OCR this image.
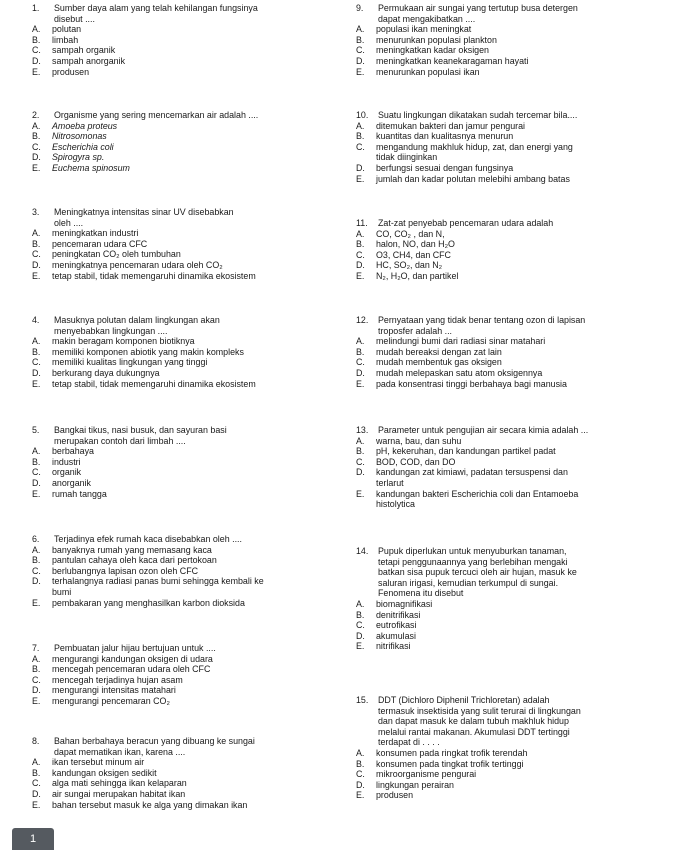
1. Sumber daya alam yang telah kehilangan fungsinya
disebut ....
A. polutan
B. limbah
C. sampah organik
D. sampah anorganik
E. produsen
2. Organisme yang sering mencemarkan air adalah ....
A. Amoeba proteus
B. Nitrosomonas
C. Escherichia coli
D. Spirogyra sp.
E. Euchema spinosum
3. Meningkatnya intensitas sinar UV disebabkan
oleh ....
A. meningkatkan industri
B. pencemaran udara CFC
C. peningkatan CO₂ oleh tumbuhan
D. meningkatnya pencemaran udara oleh CO₂
E. tetap stabil, tidak memengaruhi dinamika ekosistem
4. Masuknya polutan dalam lingkungan akan
menyebabkan lingkungan ....
A. makin beragam komponen biotiknya
B. memiliki komponen abiotik yang makin kompleks
C. memiliki kualitas lingkungan yang tinggi
D. berkurang daya dukungnya
E. tetap stabil, tidak memengaruhi dinamika ekosistem
5. Bangkai tikus, nasi busuk, dan sayuran basi
merupakan contoh dari limbah ....
A. berbahaya
B. industri
C. organik
D. anorganik
E. rumah tangga
6. Terjadinya efek rumah kaca disebabkan oleh ....
A. banyaknya rumah yang memasang kaca
B. pantulan cahaya oleh kaca dari pertokoan
C. berlubangnya lapisan ozon oleh CFC
D. terhalangnya radiasi panas bumi sehingga kembali ke
bumi
E. pembakaran yang menghasilkan karbon dioksida
7. Pembuatan jalur hijau bertujuan untuk ....
A. mengurangi kandungan oksigen di udara
B. mencegah pencemaran udara oleh CFC
C. mencegah terjadinya hujan asam
D. mengurangi intensitas matahari
E. mengurangi pencemaran CO₂
8. Bahan berbahaya beracun yang dibuang ke sungai
dapat mematikan ikan, karena ....
A. ikan tersebut minum air
B. kandungan oksigen sedikit
C. alga mati sehingga ikan kelaparan
D. air sungai merupakan habitat ikan
E. bahan tersebut masuk ke alga yang dimakan ikan
9. Permukaan air sungai yang tertutup busa detergen
dapat mengakibatkan ....
A. populasi ikan meningkat
B. menurunkan populasi plankton
C. meningkatkan kadar oksigen
D. meningkatkan keanekaragaman hayati
E. menurunkan populasi ikan
10. Suatu lingkungan dikatakan sudah tercemar bila....
A. ditemukan bakteri dan jamur pengurai
B. kuantitas dan kualitasnya menurun
C. mengandung makhluk hidup, zat, dan energi yang
tidak diinginkan
D. berfungsi sesuai dengan fungsinya
E. jumlah dan kadar polutan melebihi ambang batas
11. Zat-zat penyebab pencemaran udara adalah
A. CO, CO₂ , dan N,
B. halon, NO, dan H₂O
C. O3, CH4, dan CFC
D. HC, SO₂, dan N₂
E. N₂, H₂O, dan partikel
12. Pernyataan yang tidak benar tentang ozon di lapisan
troposfer adalah ...
A. melindungi bumi dari radiasi sinar matahari
B. mudah bereaksi dengan zat lain
C. mudah membentuk gas oksigen
D. mudah melepaskan satu atom oksigennya
E. pada konsentrasi tinggi berbahaya bagi manusia
13. Parameter untuk pengujian air secara kimia adalah ...
A. warna, bau, dan suhu
B. pH, kekeruhan, dan kandungan partikel padat
C. BOD, COD, dan DO
D. kandungan zat kimiawi, padatan tersuspensi dan
terlarut
E. kandungan bakteri Escherichia coli dan Entamoeba
histolytica
14. Pupuk diperlukan untuk menyuburkan tanaman,
tetapi penggunaannya yang berlebihan mengaki
batkan sisa pupuk tercuci oleh air hujan, masuk ke
saluran irigasi, kemudian terkumpul di sungai.
Fenomena itu disebut
A. biomagnifikasi
B. denitrifikasi
C. eutrofikasi
D. akumulasi
E. nitrifikasi
15. DDT (Dichloro Diphenil Trichloretan) adalah
termasuk insektisida yang sulit terurai di lingkungan
dan dapat masuk ke dalam tubuh makhluk hidup
melalui rantai makanan. Akumulasi DDT tertinggi
terdapat di . . . .
A. konsumen pada ringkat trofik terendah
B. konsumen pada tingkat trofik tertinggi
C. mikroorganisme pengurai
D. lingkungan perairan
E. produsen
1
